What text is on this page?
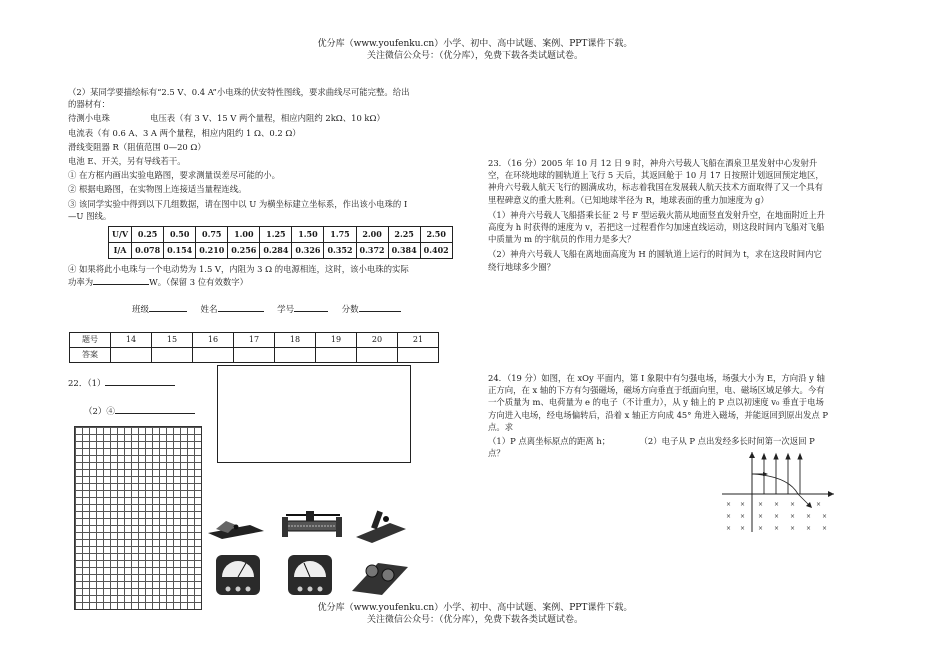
优分库（www.youfenku.cn）小学、初中、高中试题、案例、PPT课件下载。
关注微信公众号：（优分库），免费下载各类试题试卷。

（2）某同学要描绘标有“2.5 V、0.4 A”小电珠的伏安特性图线，要求曲线尽可能完整。给出的器材有：

待测小电珠	电压表（有 3 V、15 V 两个量程，相应内阻约 2kΩ、10 kΩ）

电流表（有 0.6 A、3 A 两个量程，相应内阻约 1 Ω、0.2 Ω）

滑线变阻器 R（阻值范围 0—20 Ω）

电池 E、开关，另有导线若干。

① 在方框内画出实验电路图，要求测量误差尽可能的小。

② 根据电路图，在实物图上连接适当量程连线。

③ 该同学实验中得到以下几组数据，请在图中以 U 为横坐标建立坐标系，作出该小电珠的 I—U 图线。

U/V	0.25	0.50	0.75	1.00	1.25	1.50	1.75	2.00	2.25	2.50
I/A	0.078	0.154	0.210	0.256	0.284	0.326	0.352	0.372	0.384	0.402

④ 如果将此小电珠与一个电动势为 1.5 V，内阻为 3 Ω 的电源相连，这时，该小电珠的实际功率为	W。（保留 3 位有效数字）

班级	姓名	学号	分数
题号	14	15	16	17	18	19	20	21
答案								
22．（1）
（2）④

23．（16 分）2005 年 10 月 12 日 9 时，神舟六号载人飞船在酒泉卫星发射中心发射升空，在环绕地球的圆轨道上飞行 5 天后，其返回舱于 10 月 17 日按照计划返回预定地区，神舟六号载人航天飞行的圆满成功，标志着我国在发展载人航天技术方面取得了又一个具有里程碑意义的重大胜利。（已知地球半径为 R，地球表面的重力加速度为 g）

（1）神舟六号载人飞船搭乘长征 2 号 F 型运载火箭从地面竖直发射升空，在地面附近上升高度为 h 时获得的速度为 v，若把这一过程看作匀加速直线运动，则这段时间内飞船对飞船中质量为 m 的宇航员的作用力是多大？

（2）神舟六号载人飞船在离地面高度为 H 的圆轨道上运行的时间为 t，求在这段时间内它绕行地球多少圈？

24．（19 分）如图，在 xOy 平面内，第 I 象限中有匀强电场，场强大小为 E，方向沿 y 轴正方向，在 x 轴的下方有匀强磁场，磁场方向垂直于纸面向里，电、磁场区域足够大。今有一个质量为 m、电荷量为 e 的电子（不计重力），从 y 轴上的 P 点以初速度 v₀ 垂直于电场方向进入电场，经电场偏转后，沿着 x 轴正方向成 45° 角进入磁场，并能返回到原出发点 P 点。求

（1）P 点离坐标原点的距离 h；	（2）电子从 P 点出发经多长时间第一次返回 P 点？

× × × × ×	×
× × × × × × ×
× × × × × × ×
优分库（www.youfenku.cn）小学、初中、高中试题、案例、PPT课件下载。
关注微信公众号：（优分库），免费下载各类试题试卷。
